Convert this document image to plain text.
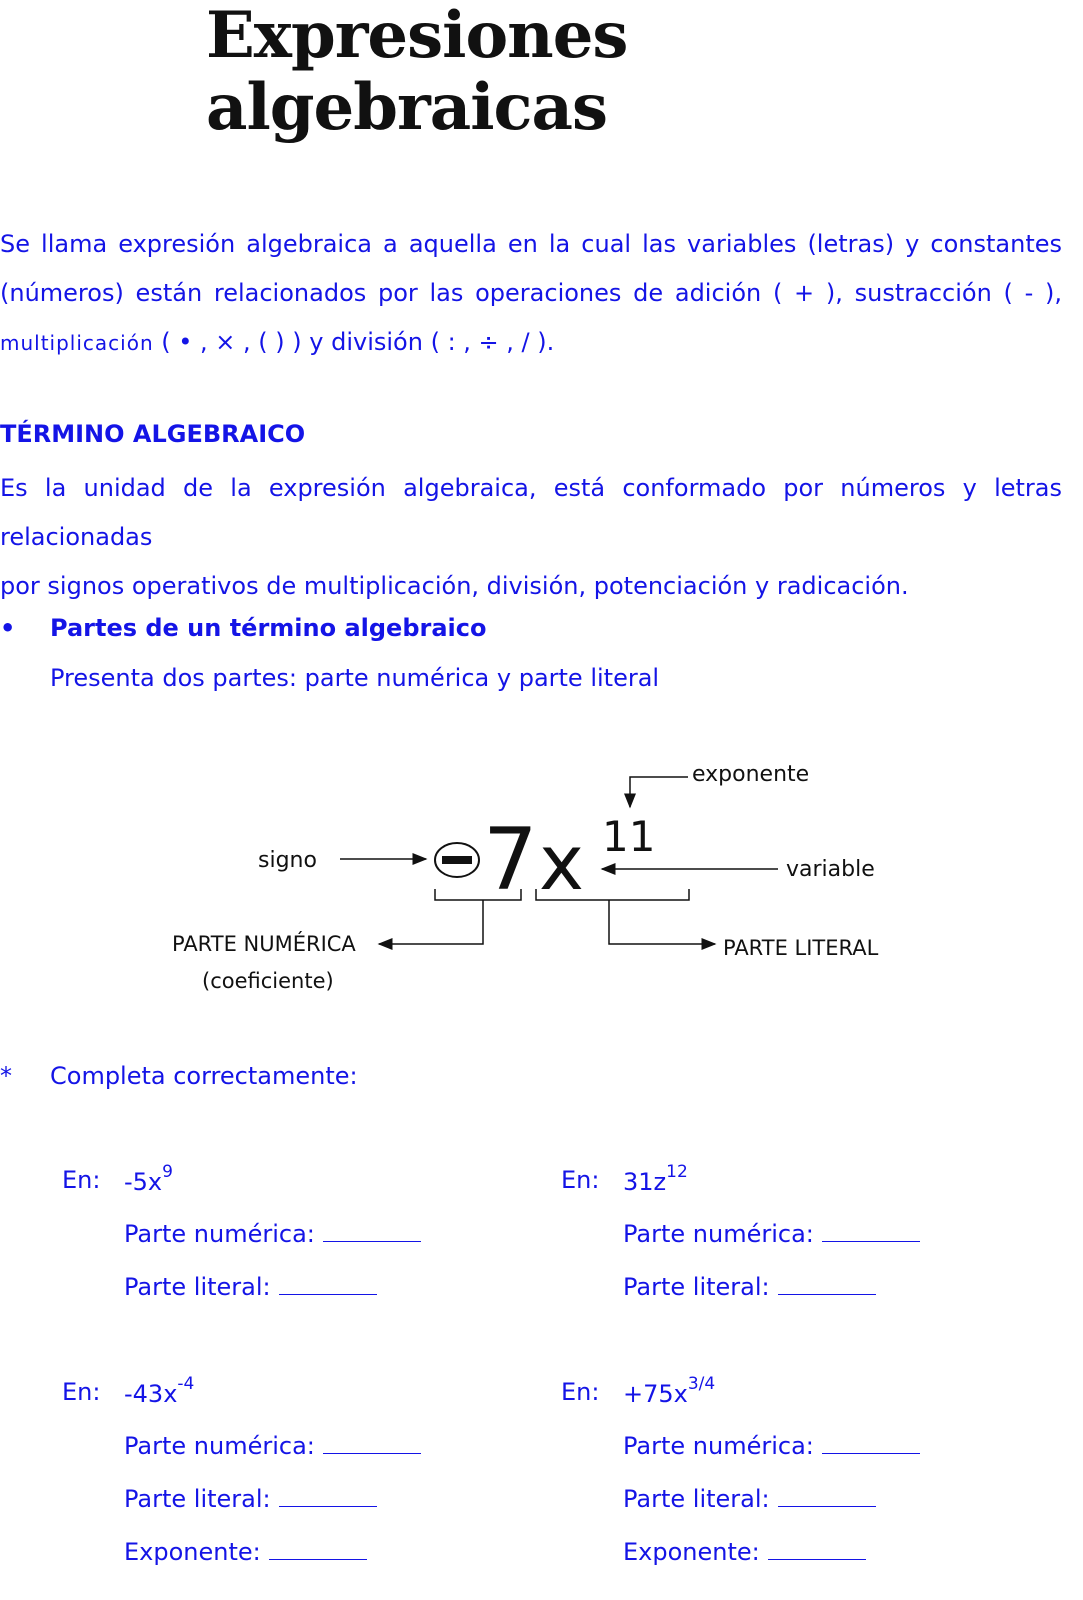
Expresiones
algebraicas
Se llama expresión algebraica a aquella en la cual las variables (letras) y constantes
(números) están relacionados por las operaciones de adición ( + ), sustracción ( - ),
multiplicación ( • , × , ( ) ) y división ( : , ÷ , / ).
TÉRMINO ALGEBRAICO
Es la unidad de la expresión algebraica, está conformado por números y letras relacionadas
por signos operativos de multiplicación, división, potenciación y radicación.
• Partes de un término algebraico
Presenta dos partes: parte numérica y parte literal
signo
-
7 x 11
exponente
variable
PARTE NUMÉRICA
(coeficiente)
PARTE LITERAL
* Completa correctamente:
En: $-5x^9$
Parte numérica:
Parte literal:
En: $31z^{12}$
Parte numérica:
Parte literal:
En: $-43x^{-4}$
Parte numérica:
Parte literal:
Exponente:
En: $+75x^{3/4}$
Parte numérica:
Parte literal:
Exponente:
